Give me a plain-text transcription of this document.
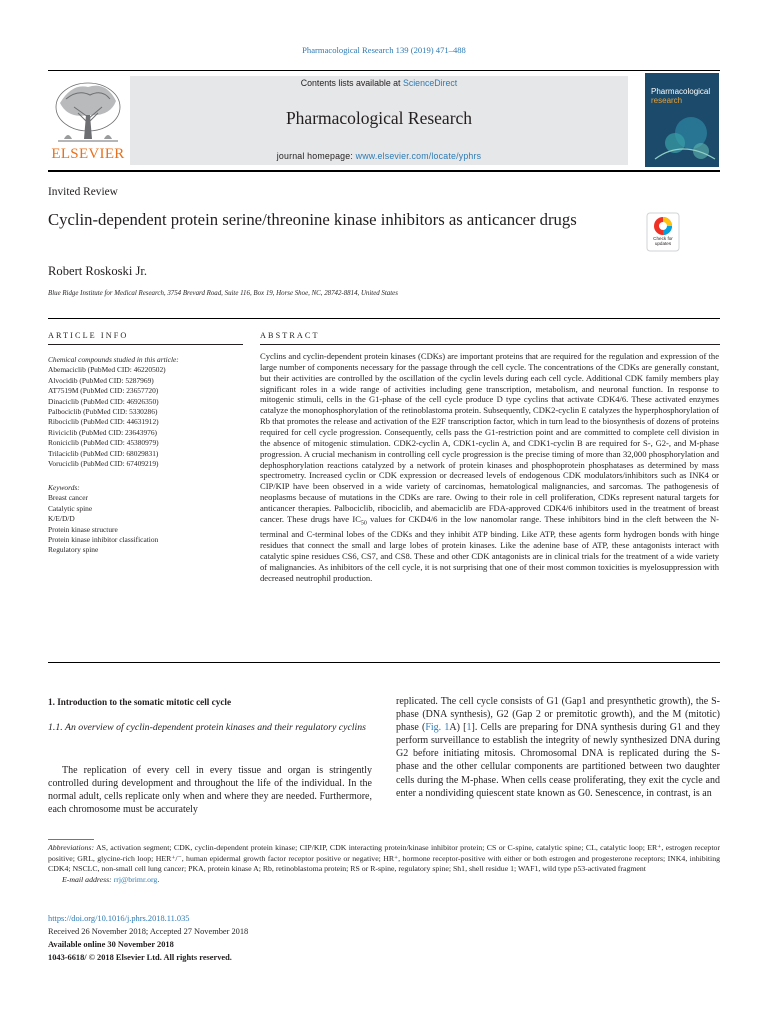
Pharmacological Research 139 (2019) 471–488
ELSEVIER
Contents lists available at ScienceDirect
Pharmacological Research
journal homepage: www.elsevier.com/locate/yphrs
Pharmacological
research
Invited Review
Cyclin-dependent protein serine/threonine kinase inhibitors as anticancer drugs
Check for updates
Robert Roskoski Jr.
Blue Ridge Institute for Medical Research, 3754 Brevard Road, Suite 116, Box 19, Horse Shoe, NC, 28742-8814, United States
ARTICLE INFO	ABSTRACT
Chemical compounds studied in this article:
Abemaciclib (PubMed CID: 46220502)
Alvocidib (PubMed CID: 5287969)
AT7519M (PubMed CID: 23657720)
Dinaciclib (PubMed CID: 46926350)
Palbociclib (PubMed CID: 5330286)
Ribociclib (PubMed CID: 44631912)
Riviciclib (PubMed CID: 23643976)
Roniciclib (PubMed CID: 45380979)
Trilaciclib (PubMed CID: 68029831)
Voruciclib (PubMed CID: 67409219)
Keywords:
Breast cancer
Catalytic spine
K/E/D/D
Protein kinase structure
Protein kinase inhibitor classification
Regulatory spine
Cyclins and cyclin-dependent protein kinases (CDKs) are important proteins that are required for the regulation and expression of the large number of components necessary for the passage through the cell cycle. The concentrations of the CDKs are generally constant, but their activities are controlled by the oscillation of the cyclin levels during each cell cycle. Additional CDK family members play significant roles in a wide range of activities including gene transcription, metabolism, and neuronal function. In response to mitogenic stimuli, cells in the G1-phase of the cell cycle produce D type cyclins that activate CDK4/6. These activated enzymes catalyze the monophosphorylation of the retinoblastoma protein. Subsequently, CDK2-cyclin E catalyzes the hyperphosphorylation of Rb that promotes the release and activation of the E2F transcription factor, which in turn lead to the biosynthesis of dozens of proteins required for cell cycle progression. Consequently, cells pass the G1-restriction point and are committed to complete cell division in the absence of mitogenic stimulation. CDK2-cyclin A, CDK1-cyclin A, and CDK1-cyclin B are required for S-, G2-, and M-phase progression. A crucial mechanism in controlling cell cycle progression is the precise timing of more than 32,000 phosphorylation and dephosphorylation reactions catalyzed by a network of protein kinases and phosphoprotein phosphatases as determined by mass spectrometry. Increased cyclin or CDK expression or decreased levels of endogenous CDK modulators/inhibitors such as INK4 or CIP/KIP have been observed in a wide variety of carcinomas, hematological malignancies, and sarcomas. The pathogenesis of neoplasms because of mutations in the CDKs are rare. Owing to their role in cell proliferation, CDKs represent natural targets for anticancer therapies. Palbociclib, ribociclib, and abemaciclib are FDA-approved CDK4/6 inhibitors used in the treatment of breast cancer. These drugs have $IC_{50}$ values for CKD4/6 in the low nanomolar range. These inhibitors bind in the cleft between the N-terminal and C-terminal lobes of the CDKs and they inhibit ATP binding. Like ATP, these agents form hydrogen bonds with hinge residues that connect the small and large lobes of protein kinases. Like the adenine base of ATP, these antagonists interact with catalytic spine residues CS6, CS7, and CS8. These and other CDK antagonists are in clinical trials for the treatment of a wide variety of malignancies. As inhibitors of the cell cycle, it is not surprising that one of their most common toxicities is myelosuppression with decreased neutrophil production.
1. Introduction to the somatic mitotic cell cycle
1.1. An overview of cyclin-dependent protein kinases and their regulatory cyclins
The replication of every cell in every tissue and organ is stringently controlled during development and throughout the life of the individual. In the normal adult, cells replicate only when and where they are needed. Furthermore, each chromosome must be accurately
replicated. The cell cycle consists of G1 (Gap1 and presynthetic growth), the S-phase (DNA synthesis), G2 (Gap 2 or premitotic growth), and the M (mitotic) phase (Fig. 1A) [1]. Cells are preparing for DNA synthesis during G1 and they perform surveillance to establish the integrity of newly synthesized DNA during G2 before initiating mitosis. Chromosomal DNA is replicated during the S-phase and the other cellular components are partitioned between two daughter cells during the M-phase. When cells cease proliferating, they exit the cycle and enter a nondividing quiescent state known as G0. Senescence, in contrast, is an
Abbreviations: AS, activation segment; CDK, cyclin-dependent protein kinase; CIP/KIP, CDK interacting protein/kinase inhibitor protein; CS or C-spine, catalytic spine; CL, catalytic loop; ER⁺, estrogen receptor positive; GRL, glycine-rich loop; HER⁺/⁻, human epidermal growth factor receptor positive or negative; HR⁺, hormone receptor-positive with either or both estrogen and progesterone receptors; INK4, inhibiting CDK4; NSCLC, non-small cell lung cancer; PKA, protein kinase A; Rb, retinoblastoma protein; RS or R-spine, regulatory spine; Sh1, shell residue 1; WAF1, wild type p53-activated fragment
E-mail address: rrj@brimr.org.
https://doi.org/10.1016/j.phrs.2018.11.035
Received 26 November 2018; Accepted 27 November 2018
Available online 30 November 2018
1043-6618/ © 2018 Elsevier Ltd. All rights reserved.
